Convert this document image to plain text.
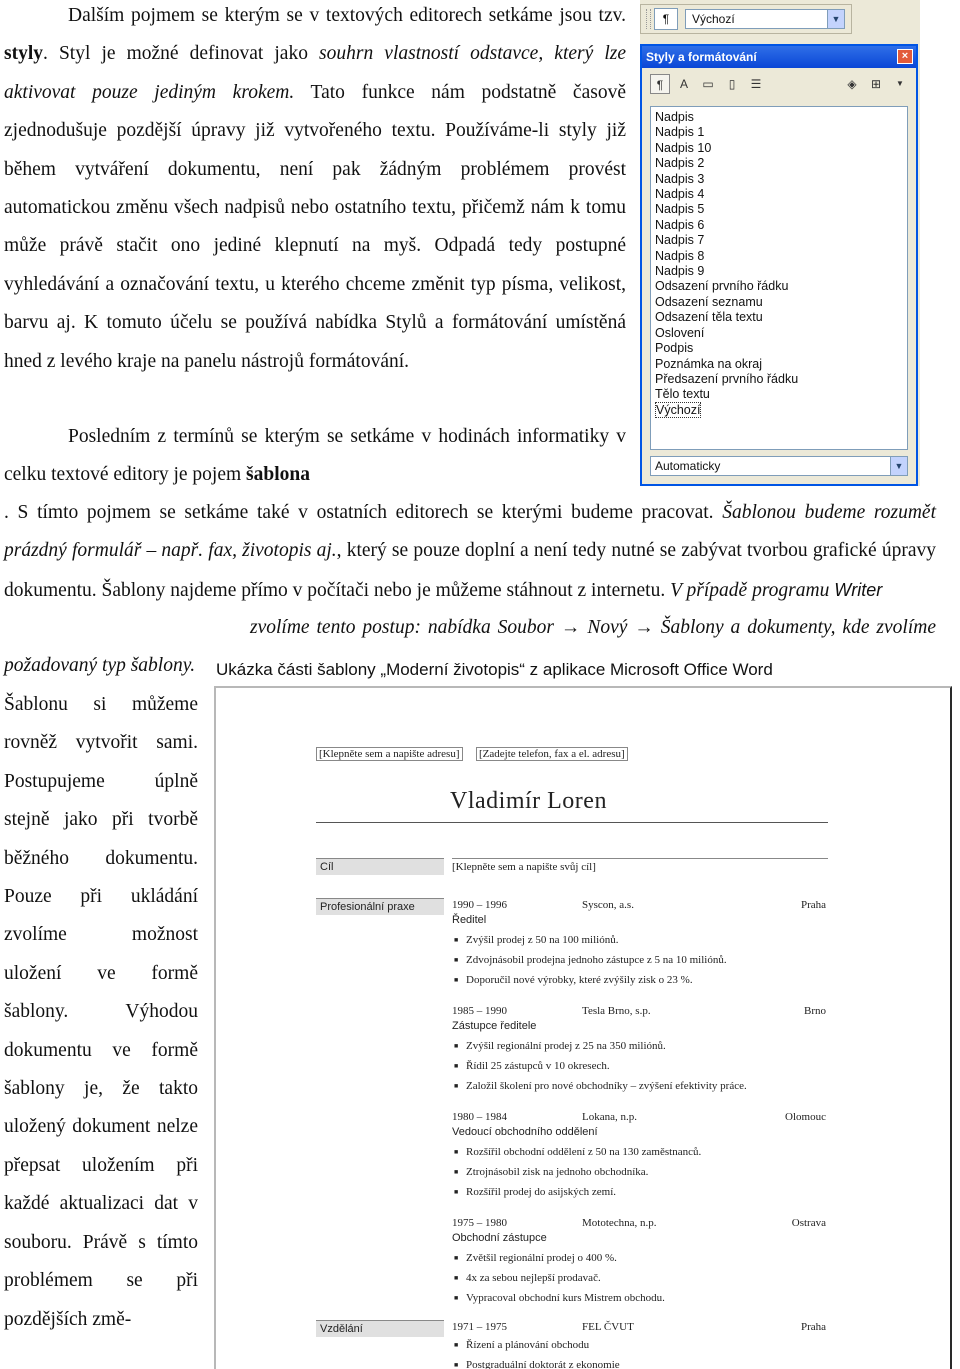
Dalším pojmem se kterým se v textových editorech setkáme jsou tzv. styly. Styl je možné definovat jako souhrn vlastností odstavce, který lze aktivovat pouze jediným krokem. Tato funkce nám podstatně časově zjednodušuje pozdější úpravy již vytvořeného textu. Používáme-li styly již během vytváření dokumentu, není pak žádným problémem provést automatickou změnu všech nadpisů nebo ostatního textu, přičemž nám k tomu může právě stačit ono jediné klepnutí na myš. Odpadá tedy postupné vyhledávání a označování textu, u kterého chceme změnit typ písma, velikost, barvu aj. K tomuto účelu se používá nabídka Stylů a formátování umístěná hned z levého kraje na panelu nástrojů formátování.

¶	Výchozí	▼
Styly a formátování	×
¶	A	▭	▯	☰	◈	⊞	▼
Nadpis
Nadpis 1
Nadpis 10
Nadpis 2
Nadpis 3
Nadpis 4
Nadpis 5
Nadpis 6
Nadpis 7
Nadpis 8
Nadpis 9
Odsazení prvního řádku
Odsazení seznamu
Odsazení těla textu
Oslovení
Podpis
Poznámka na okraj
Předsazení prvního řádku
Tělo textu
Výchozí
Automaticky	▼

Posledním z termínů se kterým se setkáme v hodinách informatiky v celku textové editory je pojem šablona

. S tímto pojmem se setkáme také v ostatních editorech se kterými budeme pracovat. Šablonou budeme rozumět prázdný formulář – např. fax, životopis aj., který se pouze doplní a není tedy nutné se zabývat tvorbou grafické úpravy dokumentu. Šablony najdeme přímo v počítači nebo je můžeme stáhnout z internetu. V případě programu Writer

zvolíme tento postup: nabídka Soubor → Nový → Šablony a dokumenty, kde zvolíme požadovaný typ šablony.

Šablonu si můžeme rovněž vytvořit sami. Postupujeme úplně stejně jako při tvorbě běžného dokumentu. Pouze při ukládání zvolíme možnost uložení ve formě šablony. Výhodou dokumentu ve formě šablony je, že takto uložený dokument nelze přepsat uložením při každé aktualizaci dat v souboru. Právě s tímto problémem se při pozdějších změ-

Ukázka části šablony „Moderní životopis“ z aplikace Microsoft Office Word
[Klepněte sem a napište adresu] [Zadejte telefon, fax a el. adresu]
Vladimír Loren
Cíl	[Klepněte sem a napište svůj cíl]
Profesionální praxe	1990 – 1996	Syscon, a.s.	Praha
Ředitel
■ Zvýšil prodej z 50 na 100 miliónů.
■ Zdvojnásobil prodejna jednoho zástupce z 5 na 10 miliónů.
■ Doporučil nové výrobky, které zvýšily zisk o 23 %.
1985 – 1990	Tesla Brno, s.p.	Brno
Zástupce ředitele
■ Zvýšil regionální prodej z 25 na 350 miliónů.
■ Řídil 25 zástupců v 10 okresech.
■ Založil školení pro nové obchodníky – zvýšení efektivity práce.
1980 – 1984	Lokana, n.p.	Olomouc
Vedoucí obchodního oddělení
■ Rozšířil obchodní oddělení z 50 na 130 zaměstnanců.
■ Ztrojnásobil zisk na jednoho obchodníka.
■ Rozšířil prodej do asijských zemí.
1975 – 1980	Mototechna, n.p.	Ostrava
Obchodní zástupce
■ Zvětšil regionální prodej o 400 %.
■ 4x za sebou nejlepší prodavač.
■ Vypracoval obchodní kurs Mistrem obchodu.
Vzdělání	1971 – 1975	FEL ČVUT	Praha
■ Řízení a plánování obchodu
■ Postgraduální doktorát z ekonomie
